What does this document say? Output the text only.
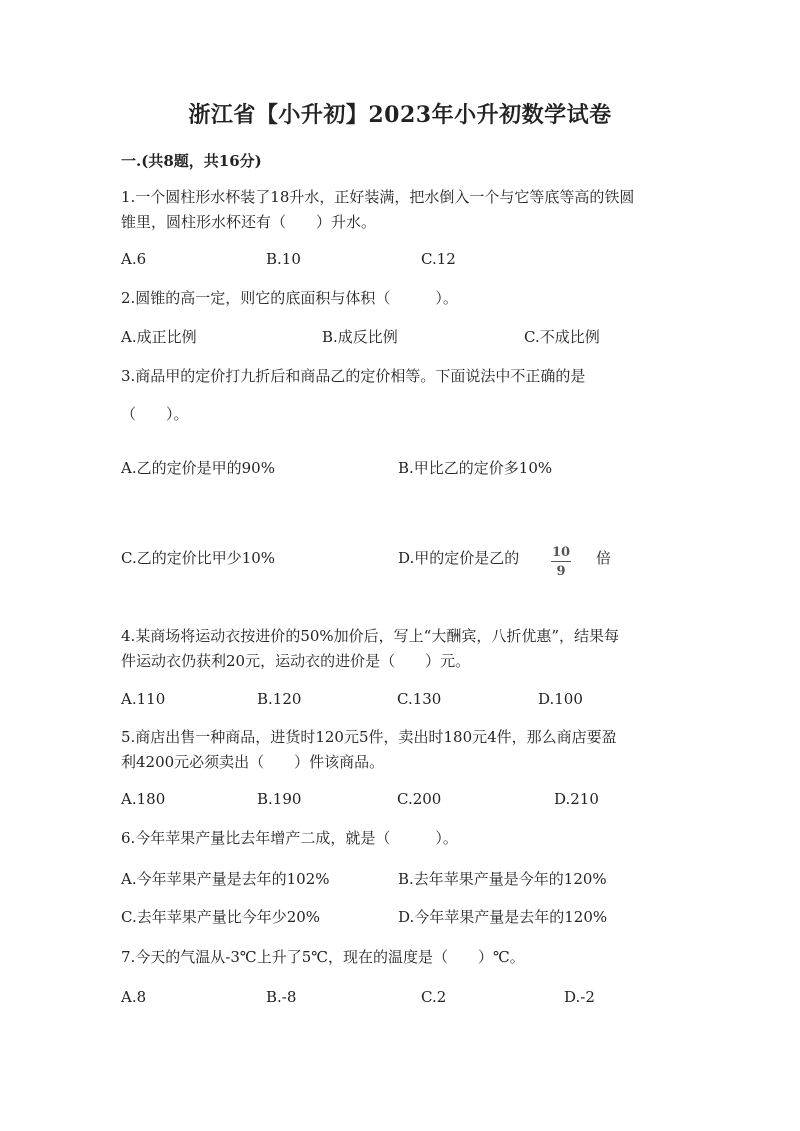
浙江省【小升初】2023年小升初数学试卷
一.(共8题，共16分)
1.一个圆柱形水杯装了18升水，正好装满，把水倒入一个与它等底等高的铁圆
锥里，圆柱形水杯还有（　　）升水。
A.6	B.10	C.12
2.圆锥的高一定，则它的底面积与体积（　　　）。
A.成正比例	B.成反比例	C.不成比例
3.商品甲的定价打九折后和商品乙的定价相等。下面说法中不正确的是
（　　）。
A.乙的定价是甲的90%	B.甲比乙的定价多10%
C.乙的定价比甲少10%	D.甲的定价是乙的	10
9
倍
4.某商场将运动衣按进价的50%加价后，写上“大酬宾，八折优惠”，结果每
件运动衣仍获利20元，运动衣的进价是（　　）元。
A.110	B.120	C.130	D.100
5.商店出售一种商品，进货时120元5件，卖出时180元4件，那么商店要盈
利4200元必须卖出（　　）件该商品。
A.180	B.190	C.200	D.210
6.今年苹果产量比去年增产二成，就是（　　　）。
A.今年苹果产量是去年的102%	B.去年苹果产量是今年的120%
C.去年苹果产量比今年少20%	D.今年苹果产量是去年的120%
7.今天的气温从-3℃上升了5℃，现在的温度是（　　）℃。
A.8	B.-8	C.2	D.-2
